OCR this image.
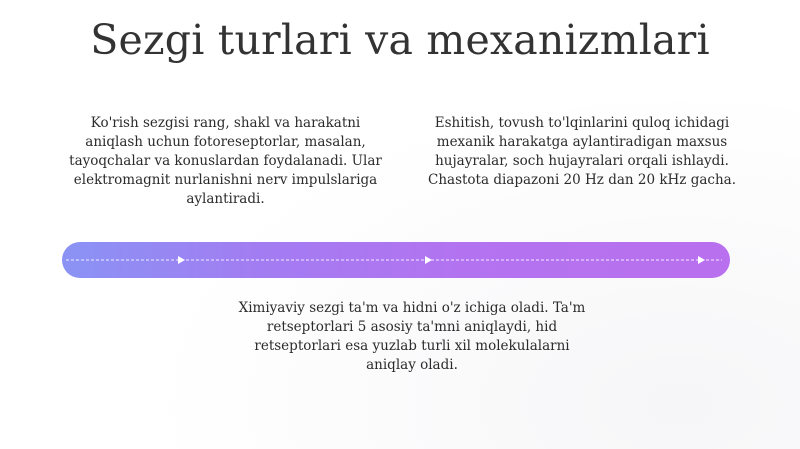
Sezgi turlari va mexanizmlari

Ko'rish sezgisi rang, shakl va harakatni aniqlash uchun fotoreseptorlar, masalan, tayoqchalar va konuslardan foydalanadi. Ular elektromagnit nurlanishni nerv impulslariga aylantiradi.

Eshitish, tovush to'lqinlarini quloq ichidagi mexanik harakatga aylantiradigan maxsus hujayralar, soch hujayralari orqali ishlaydi. Chastota diapazoni 20 Hz dan 20 kHz gacha.

Ximiyaviy sezgi ta'm va hidni o'z ichiga oladi. Ta'm retseptorlari 5 asosiy ta'mni aniqlaydi, hid retseptorlari esa yuzlab turli xil molekulalarni aniqlay oladi.
